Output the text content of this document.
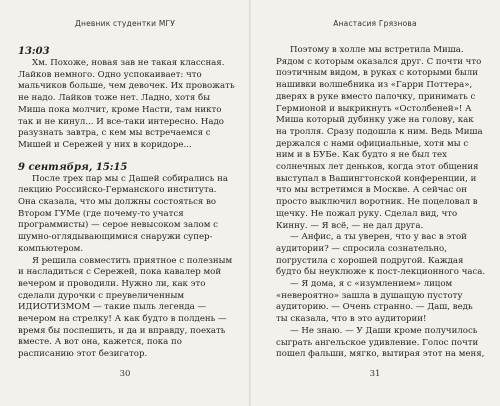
Дневник студентки МГУ

13:03

Хм. Похоже, новая зав не такая классная. Лайков немного. Одно успокаивает: что мальчиков больше, чем девочек. Их провожать не надо. Лайков тоже нет. Ладно, хотя бы Миша пока молчит, кроме Насти, там никто так и не кинул... И все-таки интересно. Надо разузнать завтра, с кем мы встречаемся с Мишей и Сережей у них в коридоре...

9 сентября, 15:15

После трех пар мы с Дашей собирались на лекцию Российско-Германского института. Она сказала, что мы должны состояться во Втором ГУМе (где почему-то учатся программисты) — серое невысоком залом с шумно-оглядывающимися снаружи супер-компьютером.

Я решила совместить приятное с полезным и насладиться с Сережей, пока кавалер мой вечером и проводили. Нужно ли, как это сделали дурочки с преувеличенным ИДИОТИЗМОМ — такие пыль легенда — вечером на стрелку! А как будто в полдень — время бы поспешить, и да и вправду, поехать вместе. А вот она, кажется, пока по расписанию этот безигатор.

30
Анастасия Грязнова

Поэтому в холле мы встретила Миша. Рядом с которым оказался друг. С почти что поэтичным видом, в руках с которыми были нашивки волшебника из «Гарри Поттера», дверях в руке вместо палочку, принимать с Гермионой и выкрикнуть «Остолбеней»! А Миша который дубинку уже на голову, как на тролля. Сразу подошла к ним. Ведь Миша держался с нами официальные, хотя мы с ним и в БУБе. Как будто я не был тех солнечных лет деньков, когда этот общения выступал в Вашингтонской конференции, и что мы встретимся в Москве. А сейчас он просто выключил воротник. Не поцеловал в щечку. Не пожал руку. Сделал вид, что Кинну. — Я всё, — не дал друга.

— Анфис, а ты уверен, что у вас в этой аудитории? — спросила сознательно, погрустила с хорошей подругой. Каждая будто бы неуклюже к пост-лекционного часа.

— Я дома, я с «изумлением» лицом «невероятно» зашла в душащую пустоту аудиторию. — Очень странно. — Даш, ведь ты сказала, что в это аудитории!

— Не знаю. — У Даши кроме получилось сыграть ангельское удивление. Голос почти пошел фальши, мягко, вытирая этот на меня,

31
